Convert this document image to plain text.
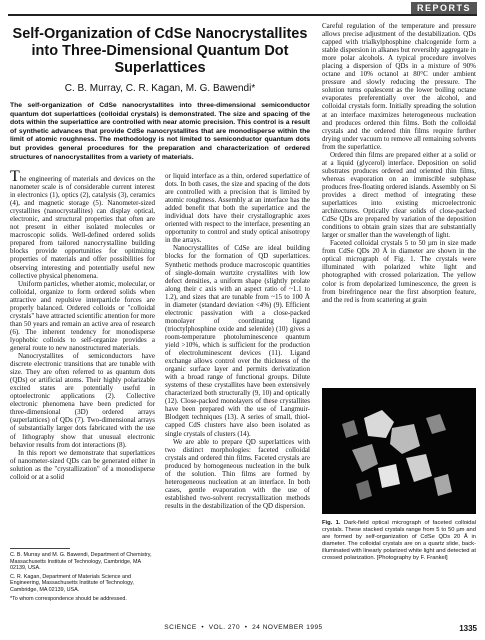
REPORTS
Self-Organization of CdSe Nanocrystallites into Three-Dimensional Quantum Dot Superlattices
C. B. Murray, C. R. Kagan, M. G. Bawendi*

The self-organization of CdSe nanocrystallites into three-dimensional semiconductor quantum dot superlattices (colloidal crystals) is demonstrated. The size and spacing of the dots within the superlattice are controlled with near atomic precision. This control is a result of synthetic advances that provide CdSe nanocrystallites that are monodisperse within the limit of atomic roughness. The methodology is not limited to semiconductor quantum dots but provides general procedures for the preparation and characterization of ordered structures of nanocrystallites from a variety of materials.

The engineering of materials and devices on the nanometer scale is of considerable current interest in electronics (1), optics (2), catalysis (3), ceramics (4), and magnetic storage (5). Nanometer-sized crystallites (nanocrystallites) can display optical, electronic, and structural properties that often are not present in either isolated molecules or macroscopic solids. Well-defined ordered solids prepared from tailored nanocrystalline building blocks provide opportunities for optimizing properties of materials and offer possibilities for observing interesting and potentially useful new collective physical phenomena.

Uniform particles, whether atomic, molecular, or colloidal, organize to form ordered solids when attractive and repulsive interparticle forces are properly balanced. Ordered colloids or "colloidal crystals" have attracted scientific attention for more than 50 years and remain an active area of research (6). The inherent tendency for monodisperse lyophobic colloids to self-organize provides a general route to new nanostructured materials.

Nanocrystallites of semiconductors have discrete electronic transitions that are tunable with size. They are often referred to as quantum dots (QDs) or artificial atoms. Their highly polarizable excited states are potentially useful in optoelectronic applications (2). Collective electronic phenomena have been predicted for three-dimensional (3D) ordered arrays (superlattices) of QDs (7). Two-dimensional arrays of substantially larger dots fabricated with the use of lithography show that unusual electronic behavior results from dot interactions (8).

In this report we demonstrate that superlattices of nanometer-sized QDs can be generated either in solution as the "crystallization" of a monodisperse colloid or at a solid

C. B. Murray and M. G. Bawendi, Department of Chemistry, Massachusetts Institute of Technology, Cambridge, MA 02139, USA.

C. R. Kagan, Department of Materials Science and Engineering, Massachusetts Institute of Technology, Cambridge, MA 02139, USA.

*To whom correspondence should be addressed.

or liquid interface as a thin, ordered superlattice of dots. In both cases, the size and spacing of the dots are controlled with a precision that is limited by atomic roughness. Assembly at an interface has the added benefit that both the superlattice and the individual dots have their crystallographic axes oriented with respect to the interface, presenting an opportunity to control and study optical anisotropy in the arrays.

Nanocrystallites of CdSe are ideal building blocks for the formation of QD superlattices. Synthetic methods produce macroscopic quantities of single-domain wurtzite crystallites with low defect densities, a uniform shape (slightly prolate along their c axis with an aspect ratio of ~1.1 to 1.2), and sizes that are tunable from ~15 to 100 Å in diameter (standard deviation <4%) (9). Efficient electronic passivation with a close-packed monolayer of coordinating ligand (trioctylphosphine oxide and selenide) (10) gives a room-temperature photoluminescence quantum yield >10%, which is sufficient for the production of electroluminescent devices (11). Ligand exchange allows control over the thickness of the organic surface layer and permits derivatization with a broad range of functional groups. Dilute systems of these crystallites have been extensively characterized both structurally (9, 10) and optically (12). Close-packed monolayers of these crystallites have been prepared with the use of Langmuir-Blodgett techniques (13). A series of small, thiol-capped CdS clusters have also been isolated as single crystals of clusters (14).

We are able to prepare QD superlattices with two distinct morphologies: faceted colloidal crystals and ordered thin films. Faceted crystals are produced by homogeneous nucleation in the bulk of the solution. Thin films are formed by heterogeneous nucleation at an interface. In both cases, gentle evaporation with the use of established two-solvent recrystallization methods results in the destabilization of the QD dispersion.

Careful regulation of the temperature and pressure allows precise adjustment of the destabilization. QDs capped with trialkylphosphine chalcogenide form a stable dispersion in alkanes but reversibly aggregate in more polar alcohols. A typical procedure involves placing a dispersion of QDs in a mixture of 90% octane and 10% octanol at 80°C under ambient pressure and slowly reducing the pressure. The solution turns opalescent as the lower boiling octane evaporates preferentially over the alcohol, and colloidal crystals form. Initially spreading the solution at an interface maximizes heterogeneous nucleation and produces ordered thin films. Both the colloidal crystals and the ordered thin films require further drying under vacuum to remove all remaining solvents from the superlattice.

Ordered thin films are prepared either at a solid or at a liquid (glycerol) interface. Deposition on solid substrates produces ordered and oriented thin films, whereas evaporation on an immiscible subphase produces free-floating ordered islands. Assembly on Si provides a direct method of integrating these superlattices into existing microelectronic architectures. Optically clear solids of close-packed CdSe QDs are prepared by variation of the deposition conditions to obtain grain sizes that are substantially larger or smaller than the wavelength of light.

Faceted colloidal crystals 5 to 50 µm in size made from CdSe QDs 20 Å in diameter are shown in the optical micrograph of Fig. 1. The crystals were illuminated with polarized white light and photographed with crossed polarization. The yellow color is from depolarized luminescence, the green is from birefringence near the first absorption feature, and the red is from scattering at grain

Fig. 1. Dark-field optical micrograph of faceted colloidal crystals. These stacked crystals range from 5 to 50 µm and are formed by self-organization of CdSe QDs 20 Å in diameter. The colloidal crystals are on a quartz slide, back-illuminated with linearly polarized white light and detected at crossed polarization. [Photography by F. Frankel]
SCIENCE  •  VOL. 270  •  24 NOVEMBER 1995	1335
